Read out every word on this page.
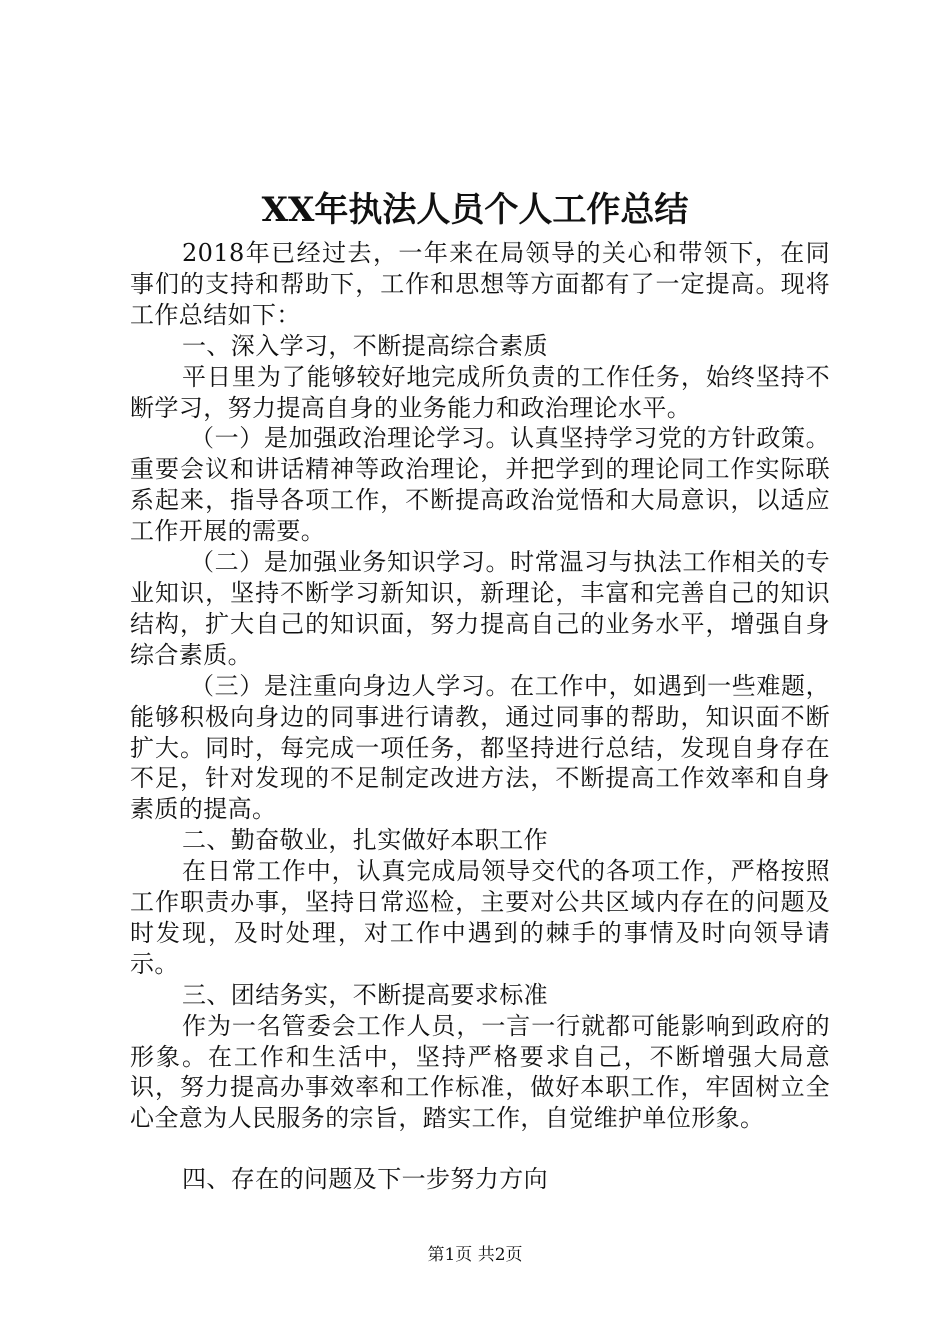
XX年执法人员个人工作总结

2018年已经过去，一年来在局领导的关心和带领下，在同事们的支持和帮助下，工作和思想等方面都有了一定提高。现将工作总结如下：

一、深入学习，不断提高综合素质

平日里为了能够较好地完成所负责的工作任务，始终坚持不断学习，努力提高自身的业务能力和政治理论水平。

（一）是加强政治理论学习。认真坚持学习党的方针政策。重要会议和讲话精神等政治理论，并把学到的理论同工作实际联系起来，指导各项工作，不断提高政治觉悟和大局意识，以适应工作开展的需要。

（二）是加强业务知识学习。时常温习与执法工作相关的专业知识，坚持不断学习新知识，新理论，丰富和完善自己的知识结构，扩大自己的知识面，努力提高自己的业务水平，增强自身综合素质。

（三）是注重向身边人学习。在工作中，如遇到一些难题，能够积极向身边的同事进行请教，通过同事的帮助，知识面不断扩大。同时，每完成一项任务，都坚持进行总结，发现自身存在不足，针对发现的不足制定改进方法，不断提高工作效率和自身素质的提高。

二、勤奋敬业，扎实做好本职工作

在日常工作中，认真完成局领导交代的各项工作，严格按照工作职责办事，坚持日常巡检，主要对公共区域内存在的问题及时发现，及时处理，对工作中遇到的棘手的事情及时向领导请示。

三、团结务实，不断提高要求标准

作为一名管委会工作人员，一言一行就都可能影响到政府的形象。在工作和生活中，坚持严格要求自己，不断增强大局意识，努力提高办事效率和工作标准，做好本职工作，牢固树立全心全意为人民服务的宗旨，踏实工作，自觉维护单位形象。

四、存在的问题及下一步努力方向

第1页 共2页
